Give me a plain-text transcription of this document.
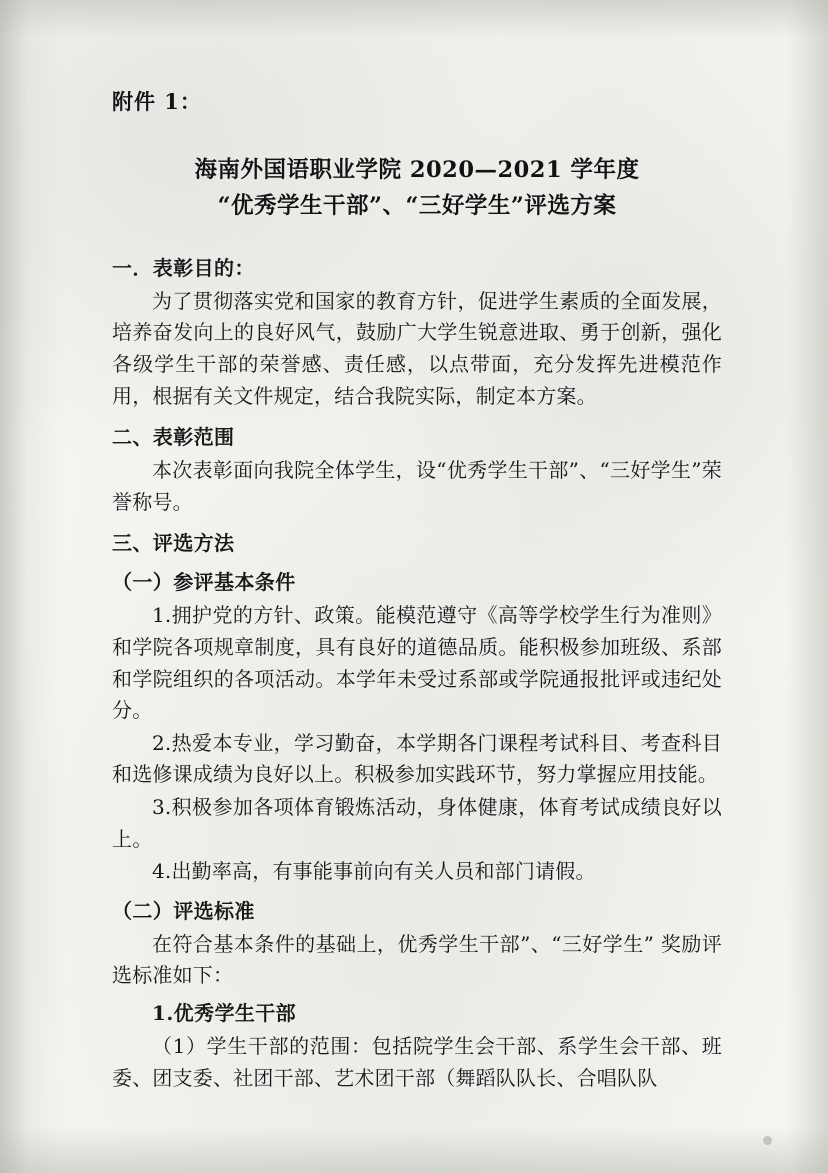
附件 1：
海南外国语职业学院 2020—2021 学年度
“优秀学生干部”、“三好学生”评选方案
一．表彰目的：

为了贯彻落实党和国家的教育方针，促进学生素质的全面发展，培养奋发向上的良好风气，鼓励广大学生锐意进取、勇于创新，强化各级学生干部的荣誉感、责任感，以点带面，充分发挥先进模范作用，根据有关文件规定，结合我院实际，制定本方案。

二、表彰范围

本次表彰面向我院全体学生，设“优秀学生干部”、“三好学生”荣誉称号。

三、评选方法
（一）参评基本条件

1.拥护党的方针、政策。能模范遵守《高等学校学生行为准则》和学院各项规章制度，具有良好的道德品质。能积极参加班级、系部和学院组织的各项活动。本学年未受过系部或学院通报批评或违纪处分。

2.热爱本专业，学习勤奋，本学期各门课程考试科目、考查科目和选修课成绩为良好以上。积极参加实践环节，努力掌握应用技能。

3.积极参加各项体育锻炼活动，身体健康，体育考试成绩良好以上。

4.出勤率高，有事能事前向有关人员和部门请假。

（二）评选标准

在符合基本条件的基础上，优秀学生干部”、“三好学生” 奖励评选标准如下：

1.优秀学生干部

（1）学生干部的范围：包括院学生会干部、系学生会干部、班委、团支委、社团干部、艺术团干部（舞蹈队队长、合唱队队
